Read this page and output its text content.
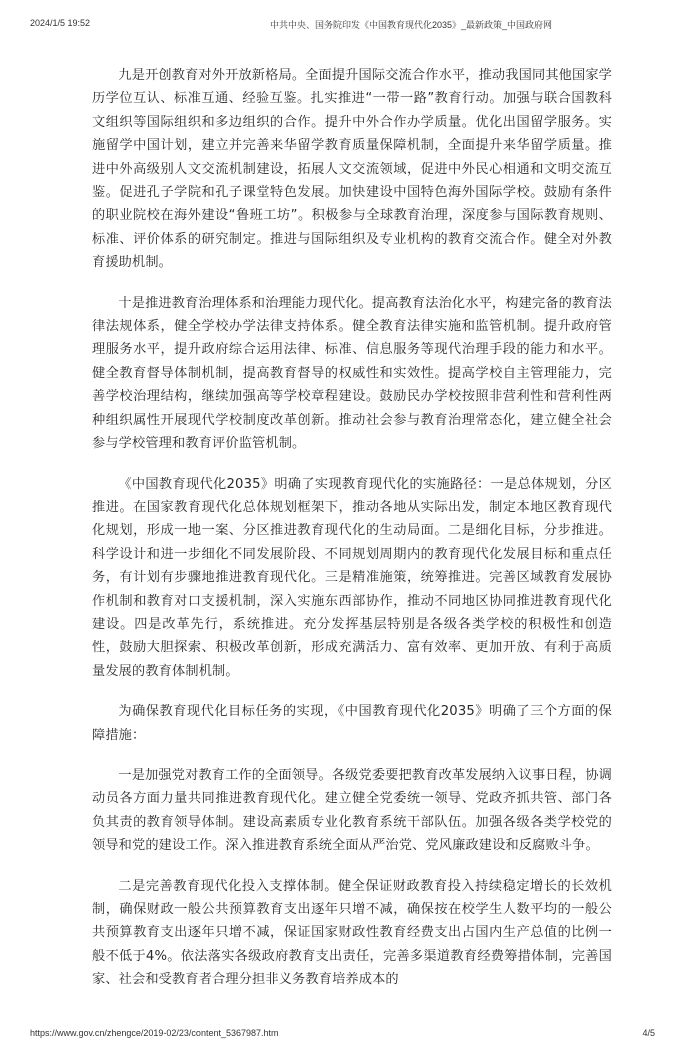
2024/1/5 19:52	中共中央、国务院印发《中国教育现代化2035》_最新政策_中国政府网

九是开创教育对外开放新格局。全面提升国际交流合作水平，推动我国同其他国家学历学位互认、标准互通、经验互鉴。扎实推进“一带一路”教育行动。加强与联合国教科文组织等国际组织和多边组织的合作。提升中外合作办学质量。优化出国留学服务。实施留学中国计划，建立并完善来华留学教育质量保障机制，全面提升来华留学质量。推进中外高级别人文交流机制建设，拓展人文交流领域，促进中外民心相通和文明交流互鉴。促进孔子学院和孔子课堂特色发展。加快建设中国特色海外国际学校。鼓励有条件的职业院校在海外建设“鲁班工坊”。积极参与全球教育治理，深度参与国际教育规则、标准、评价体系的研究制定。推进与国际组织及专业机构的教育交流合作。健全对外教育援助机制。

十是推进教育治理体系和治理能力现代化。提高教育法治化水平，构建完备的教育法律法规体系，健全学校办学法律支持体系。健全教育法律实施和监管机制。提升政府管理服务水平，提升政府综合运用法律、标准、信息服务等现代治理手段的能力和水平。健全教育督导体制机制，提高教育督导的权威性和实效性。提高学校自主管理能力，完善学校治理结构，继续加强高等学校章程建设。鼓励民办学校按照非营利性和营利性两种组织属性开展现代学校制度改革创新。推动社会参与教育治理常态化，建立健全社会参与学校管理和教育评价监管机制。

《中国教育现代化2035》明确了实现教育现代化的实施路径：一是总体规划，分区推进。在国家教育现代化总体规划框架下，推动各地从实际出发，制定本地区教育现代化规划，形成一地一案、分区推进教育现代化的生动局面。二是细化目标，分步推进。科学设计和进一步细化不同发展阶段、不同规划周期内的教育现代化发展目标和重点任务，有计划有步骤地推进教育现代化。三是精准施策，统筹推进。完善区域教育发展协作机制和教育对口支援机制，深入实施东西部协作，推动不同地区协同推进教育现代化建设。四是改革先行，系统推进。充分发挥基层特别是各级各类学校的积极性和创造性，鼓励大胆探索、积极改革创新，形成充满活力、富有效率、更加开放、有利于高质量发展的教育体制机制。

为确保教育现代化目标任务的实现，《中国教育现代化2035》明确了三个方面的保障措施：

一是加强党对教育工作的全面领导。各级党委要把教育改革发展纳入议事日程，协调动员各方面力量共同推进教育现代化。建立健全党委统一领导、党政齐抓共管、部门各负其责的教育领导体制。建设高素质专业化教育系统干部队伍。加强各级各类学校党的领导和党的建设工作。深入推进教育系统全面从严治党、党风廉政建设和反腐败斗争。

二是完善教育现代化投入支撑体制。健全保证财政教育投入持续稳定增长的长效机制，确保财政一般公共预算教育支出逐年只增不减，确保按在校学生人数平均的一般公共预算教育支出逐年只增不减，保证国家财政性教育经费支出占国内生产总值的比例一般不低于4%。依法落实各级政府教育支出责任，完善多渠道教育经费筹措体制，完善国家、社会和受教育者合理分担非义务教育培养成本的

https://www.gov.cn/zhengce/2019-02/23/content_5367987.htm	4/5
